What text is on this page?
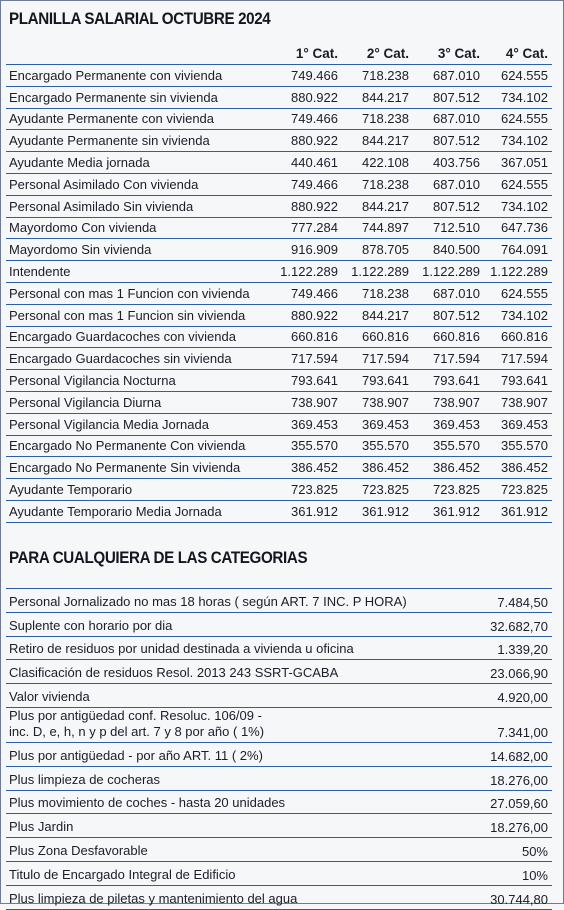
PLANILLA SALARIAL OCTUBRE 2024
	1° Cat.	2° Cat.	3° Cat.	4° Cat.
Encargado Permanente con vivienda	749.466	718.238	687.010	624.555
Encargado Permanente sin vivienda	880.922	844.217	807.512	734.102
Ayudante Permanente con vivienda	749.466	718.238	687.010	624.555
Ayudante Permanente sin vivienda	880.922	844.217	807.512	734.102
Ayudante Media jornada	440.461	422.108	403.756	367.051
Personal Asimilado Con vivienda	749.466	718.238	687.010	624.555
Personal Asimilado Sin vivienda	880.922	844.217	807.512	734.102
Mayordomo Con vivienda	777.284	744.897	712.510	647.736
Mayordomo Sin vivienda	916.909	878.705	840.500	764.091
Intendente	1.122.289	1.122.289	1.122.289	1.122.289
Personal con mas 1 Funcion con vivienda	749.466	718.238	687.010	624.555
Personal con mas 1 Funcion sin vivienda	880.922	844.217	807.512	734.102
Encargado Guardacoches con vivienda	660.816	660.816	660.816	660.816
Encargado Guardacoches sin vivienda	717.594	717.594	717.594	717.594
Personal Vigilancia Nocturna	793.641	793.641	793.641	793.641
Personal Vigilancia Diurna	738.907	738.907	738.907	738.907
Personal Vigilancia Media Jornada	369.453	369.453	369.453	369.453
Encargado No Permanente Con vivienda	355.570	355.570	355.570	355.570
Encargado No Permanente Sin vivienda	386.452	386.452	386.452	386.452
Ayudante Temporario	723.825	723.825	723.825	723.825
Ayudante Temporario Media Jornada	361.912	361.912	361.912	361.912
PARA CUALQUIERA DE LAS CATEGORIAS
Personal Jornalizado no mas 18 horas ( según ART. 7 INC. P HORA)	7.484,50

Suplente con horario por dia	32.682,70

Retiro de residuos por unidad destinada a vivienda u oficina	1.339,20

Clasificación de residuos Resol. 2013 243 SSRT-GCABA	23.066,90

Valor vivienda	4.920,00

Plus por antigüedad conf. Resoluc. 106/09 -
inc. D, e, h, n y p del art. 7 y 8 por año ( 1%)	7.341,00

Plus por antigüedad - por año ART. 11 ( 2%)	14.682,00

Plus limpieza de cocheras	18.276,00

Plus movimiento de coches - hasta 20 unidades	27.059,60

Plus Jardin	18.276,00

Plus Zona Desfavorable	50%

Titulo de Encargado Integral de Edificio	10%

Plus limpieza de piletas y mantenimiento del agua	30.744,80
